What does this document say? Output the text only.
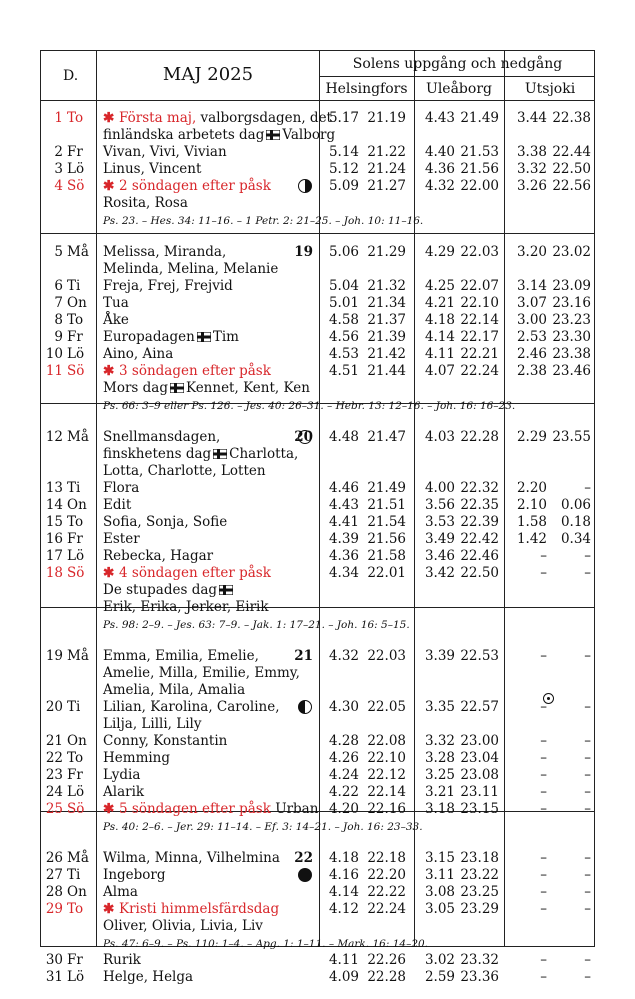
D.	MAJ 2025	Solens uppgång och nedgång
Helsingfors	Uleåborg	Utsjoki
1 To ✱ Första maj, valborgsdagen, det
finländska arbetets dag Valborg
5.17 21.19	4.43 21.49	3.44 22.38
2 Fr Vivan, Vivi, Vivian	5.14 21.22	4.40 21.53	3.38 22.44
3 Lö Linus, Vincent	5.12 21.24	4.36 21.56	3.32 22.50
4 Sö ✱ 2 söndagen efter påsk
Rosita, Rosa
5.09 21.27	4.32 22.00	3.26 22.56
Ps. 23. – Hes. 34: 11–16. – 1 Petr. 2: 21–25. – Joh. 10: 11–16.
5 Må Melissa, Miranda,
Melinda, Melina, Melanie
19	5.06 21.29	4.29 22.03	3.20 23.02
6 Ti Freja, Frej, Frejvid	5.04 21.32	4.25 22.07	3.14 23.09
7 On Tua	5.01 21.34	4.21 22.10	3.07 23.16
8 To Åke	4.58 21.37	4.18 22.14	3.00 23.23
9 Fr Europadagen Tim	4.56 21.39	4.14 22.17	2.53 23.30
10 Lö Aino, Aina	4.53 21.42	4.11 22.21	2.46 23.38
11 Sö ✱ 3 söndagen efter påsk
Mors dag Kennet, Kent, Ken
4.51 21.44	4.07 22.24	2.38 23.46
Ps. 66: 3–9 eller Ps. 126. – Jes. 40: 26–31. – Hebr. 13: 12–16. – Joh. 16: 16–23.
12 Må Snellmansdagen,
finskhetens dag Charlotta,
Lotta, Charlotte, Lotten
20	4.48 21.47	4.03 22.28	2.29 23.55
13 Ti Flora	4.46 21.49	4.00 22.32	2.20	–
14 On Edit	4.43 21.51	3.56 22.35	2.10	0.06
15 To Sofia, Sonja, Sofie	4.41 21.54	3.53 22.39	1.58	0.18
16 Fr Ester	4.39 21.56	3.49 22.42	1.42	0.34
17 Lö Rebecka, Hagar	4.36 21.58	3.46 22.46	–	–
18 Sö ✱ 4 söndagen efter påsk
De stupades dag
Erik, Erika, Jerker, Eirik
4.34 22.01	3.42 22.50	–	–
Ps. 98: 2–9. – Jes. 63: 7–9. – Jak. 1: 17–21. – Joh. 16: 5–15.
19 Må Emma, Emilia, Emelie,
Amelie, Milla, Emilie, Emmy,
Amelia, Mila, Amalia
21	4.32 22.03	3.39 22.53	–	–
20 Ti Lilian, Karolina, Caroline,
Lilja, Lilli, Lily
4.30 22.05	3.35 22.57	–	–
21 On Conny, Konstantin	4.28 22.08	3.32 23.00	–	–
22 To Hemming	4.26 22.10	3.28 23.04	–	–
23 Fr Lydia	4.24 22.12	3.25 23.08	–	–
24 Lö Alarik	4.22 22.14	3.21 23.11	–	–
25 Sö ✱ 5 söndagen efter påsk Urban 4.20 22.16	3.18 23.15	–	–
Ps. 40: 2–6. – Jer. 29: 11–14. – Ef. 3: 14–21. – Joh. 16: 23–33.
26 Må Wilma, Minna, Vilhelmina	22	4.18 22.18	3.15 23.18	–	–
27 Ti Ingeborg	4.16 22.20	3.11 23.22	–	–
28 On Alma	4.14 22.22	3.08 23.25	–	–
29 To ✱ Kristi himmelsfärdsdag
Oliver, Olivia, Livia, Liv
4.12 22.24	3.05 23.29	–	–
Ps. 47: 6–9. – Ps. 110: 1–4. – Apg. 1: 1–11. – Mark. 16: 14–20.
30 Fr Rurik	4.11 22.26	3.02 23.32	–	–
31 Lö Helge, Helga	4.09 22.28	2.59 23.36	–	–
